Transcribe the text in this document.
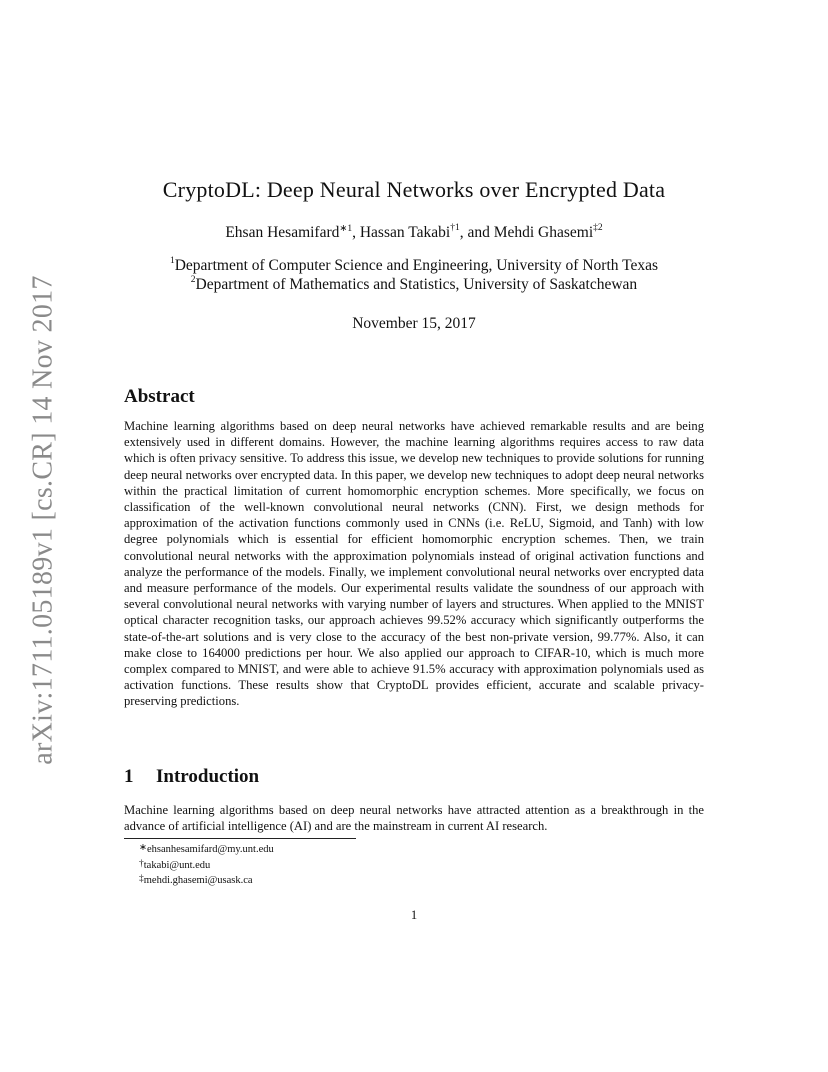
arXiv:1711.05189v1 [cs.CR] 14 Nov 2017
CryptoDL: Deep Neural Networks over Encrypted Data
Ehsan Hesamifard$^{∗1}$, Hassan Takabi$^{\dagger 1}$, and Mehdi Ghasemi$^{\ddagger 2}$
$^1$Department of Computer Science and Engineering, University of North Texas
$^2$Department of Mathematics and Statistics, University of Saskatchewan
November 15, 2017
Abstract
Machine learning algorithms based on deep neural networks have achieved remarkable results and are being extensively used in different domains. However, the machine learning algorithms requires access to raw data which is often privacy sensitive. To address this issue, we develop new techniques to provide solutions for running deep neural networks over encrypted data. In this paper, we develop new techniques to adopt deep neural networks within the practical limitation of current homomorphic encryption schemes. More specifically, we focus on classification of the well-known convolutional neural networks (CNN). First, we design methods for approximation of the activation functions commonly used in CNNs (i.e. ReLU, Sigmoid, and Tanh) with low degree polynomials which is essential for efficient homomorphic encryption schemes. Then, we train convolutional neural networks with the approximation polynomials instead of original activation functions and analyze the performance of the models. Finally, we implement convolutional neural networks over encrypted data and measure performance of the models. Our experimental results validate the soundness of our approach with several convolutional neural networks with varying number of layers and structures. When applied to the MNIST optical character recognition tasks, our approach achieves 99.52% accuracy which significantly outperforms the state-of-the-art solutions and is very close to the accuracy of the best non-private version, 99.77%. Also, it can make close to 164000 predictions per hour. We also applied our approach to CIFAR-10, which is much more complex compared to MNIST, and were able to achieve 91.5% accuracy with approximation polynomials used as activation functions. These results show that CryptoDL provides efficient, accurate and scalable privacy-preserving predictions.
1 Introduction
Machine learning algorithms based on deep neural networks have attracted attention as a breakthrough in the advance of artificial intelligence (AI) and are the mainstream in current AI research.
∗ehsanhesamifard@my.unt.edu
†takabi@unt.edu
‡mehdi.ghasemi@usask.ca
1
